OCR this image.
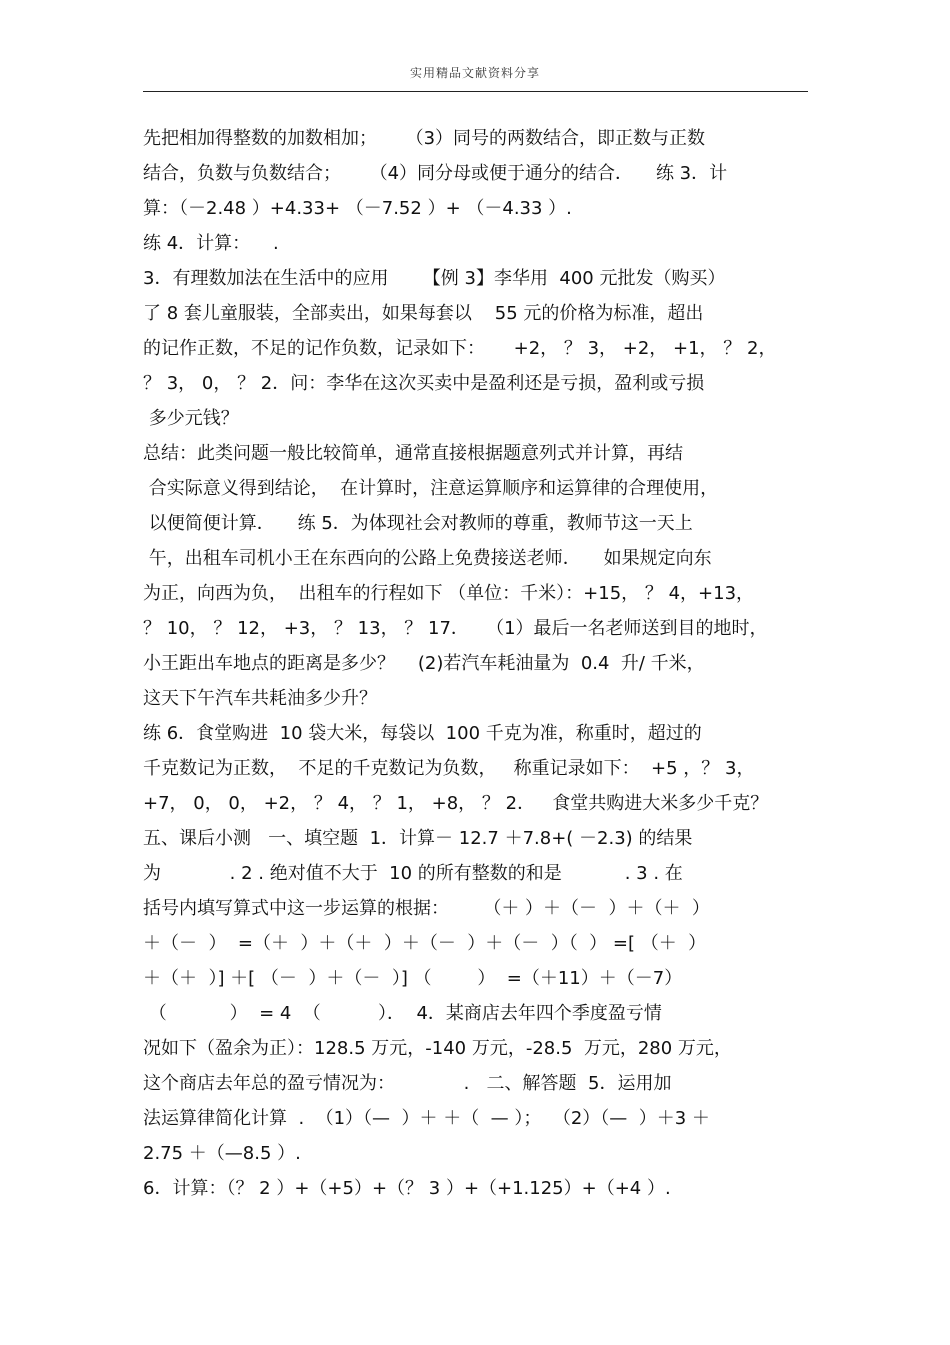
实用精品文献资料分享
先把相加得整数的加数相加；     （3）同号的两数结合，即正数与正数
结合，负数与负数结合；     （4）同分母或便于通分的结合．    练 3．计
算：（－2.48 ）+4.33+ （－7.52 ）+ （－4.33 ）.
练 4．计算：    .
3．有理数加法在生活中的应用      【例 3】李华用  400 元批发（购买）
了 8 套儿童服装，全部卖出，如果每套以    55 元的价格为标准，超出
的记作正数，不足的记作负数，记录如下：     +2， ？ 3， +2， +1， ？ 2，
？ 3， 0， ？ 2．问：李华在这次买卖中是盈利还是亏损，盈利或亏损
多少元钱？
总结：此类问题一般比较简单，通常直接根据题意列式并计算，再结
合实际意义得到结论，  在计算时，注意运算顺序和运算律的合理使用，
以便简便计算．    练 5．为体现社会对教师的尊重，教师节这一天上
午，出租车司机小王在东西向的公路上免费接送老师．    如果规定向东
为正，向西为负，  出租车的行程如下 （单位：千米）：+15， ？ 4，+13，
？ 10， ？ 12， +3， ？ 13， ？ 17．   （1）最后一名老师送到目的地时，
小王距出车地点的距离是多少？    (2)若汽车耗油量为  0.4  升/ 千米，
这天下午汽车共耗油多少升？
练 6．食堂购进  10 袋大米，每袋以  100 千克为准，称重时，超过的
千克数记为正数，  不足的千克数记为负数，   称重记录如下：  +5 ，？ 3，
+7， 0， 0， +2， ？ 4， ？ 1， +8， ？ 2．   食堂共购进大米多少千克？
五、课后小测   一、填空题  1．计算－ 12.7 ＋7.8+( －2.3) 的结果
为            . 2 . 绝对值不大于  10 的所有整数的和是           . 3 . 在
括号内填写算式中这一步运算的根据：      （＋ ）＋（－  ）＋（＋  ）
＋（－  ）  =（＋  ）＋（＋  ）＋（－  ）＋（－  ）（  ） =[ （＋  ）
＋（＋  ）] ＋[ （－  ）＋（－  ）] （        ）  =（＋11）＋（－7）
（           ）  = 4  （          ）．  4．某商店去年四个季度盈亏情
况如下（盈余为正）：128.5 万元，-140 万元，-28.5  万元，280 万元，
这个商店去年总的盈亏情况为：            .   二、解答题  5．运用加
法运算律简化计算  .  （1）（—  ）＋ ＋（  — ）；  （2）（—  ）＋3 ＋
2.75 ＋（—8.5 ）.
6．计算：（？ 2 ）+（+5）+（？ 3 ）+（+1.125）+（+4 ）.
